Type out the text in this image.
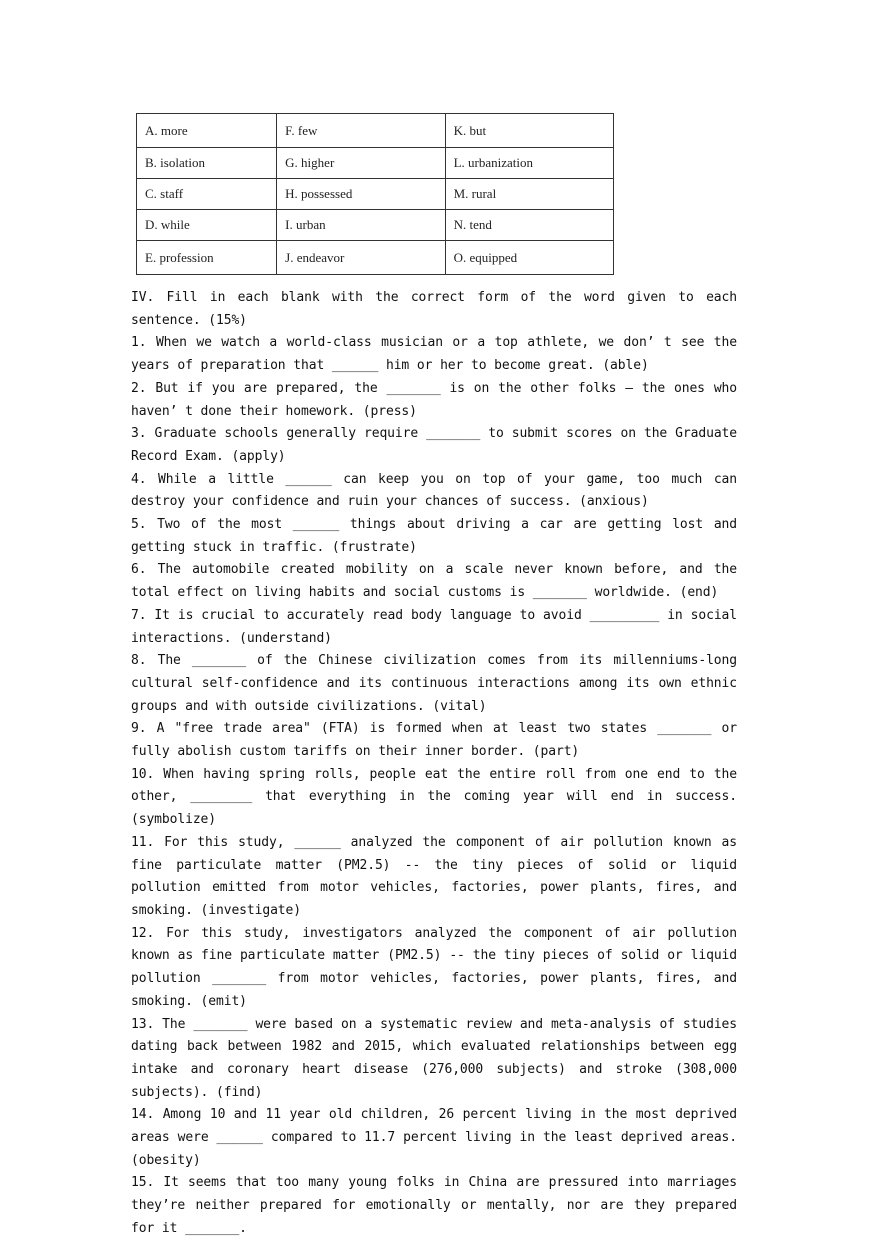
A. more	F. few	K. but
B. isolation	G. higher	L. urbanization
C. staff	H. possessed	M. rural
D. while	I. urban	N. tend
E. profession	J. endeavor	O. equipped

IV. Fill in each blank with the correct form of the word given to each sentence. (15%)

1. When we watch a world-class musician or a top athlete, we don’ t see the years of preparation that ______ him or her to become great. (able)

2. But if you are prepared, the _______ is on the other folks — the ones who haven’ t done their homework. (press)

3. Graduate schools generally require _______ to submit scores on the Graduate Record Exam. (apply)

4. While a little ______ can keep you on top of your game, too much can destroy your confidence and ruin your chances of success. (anxious)

5. Two of the most ______ things about driving a car are getting lost and getting stuck in traffic. (frustrate)

6. The automobile created mobility on a scale never known before, and the total effect on living habits and social customs is _______ worldwide. (end)

7. It is crucial to accurately read body language to avoid _________ in social interactions. (understand)

8. The _______ of the Chinese civilization comes from its millenniums-long cultural self-confidence and its continuous interactions among its own ethnic groups and with outside civilizations. (vital)

9. A "free trade area" (FTA) is formed when at least two states _______ or fully abolish custom tariffs on their inner border. (part)

10. When having spring rolls, people eat the entire roll from one end to the other, ________ that everything in the coming year will end in success. (symbolize)

11. For this study, ______ analyzed the component of air pollution known as fine particulate matter (PM2.5) -- the tiny pieces of solid or liquid pollution emitted from motor vehicles, factories, power plants, fires, and smoking. (investigate)

12. For this study, investigators analyzed the component of air pollution known as fine particulate matter (PM2.5) -- the tiny pieces of solid or liquid pollution _______ from motor vehicles, factories, power plants, fires, and smoking. (emit)

13. The _______ were based on a systematic review and meta-analysis of studies dating back between 1982 and 2015, which evaluated relationships between egg intake and coronary heart disease (276,000 subjects) and stroke (308,000 subjects). (find)

14. Among 10 and 11 year old children, 26 percent living in the most deprived areas were ______ compared to 11.7 percent living in the least deprived areas. (obesity)

15. It seems that too many young folks in China are pressured into marriages they’re neither prepared for emotionally or mentally, nor are they prepared for it _______.
